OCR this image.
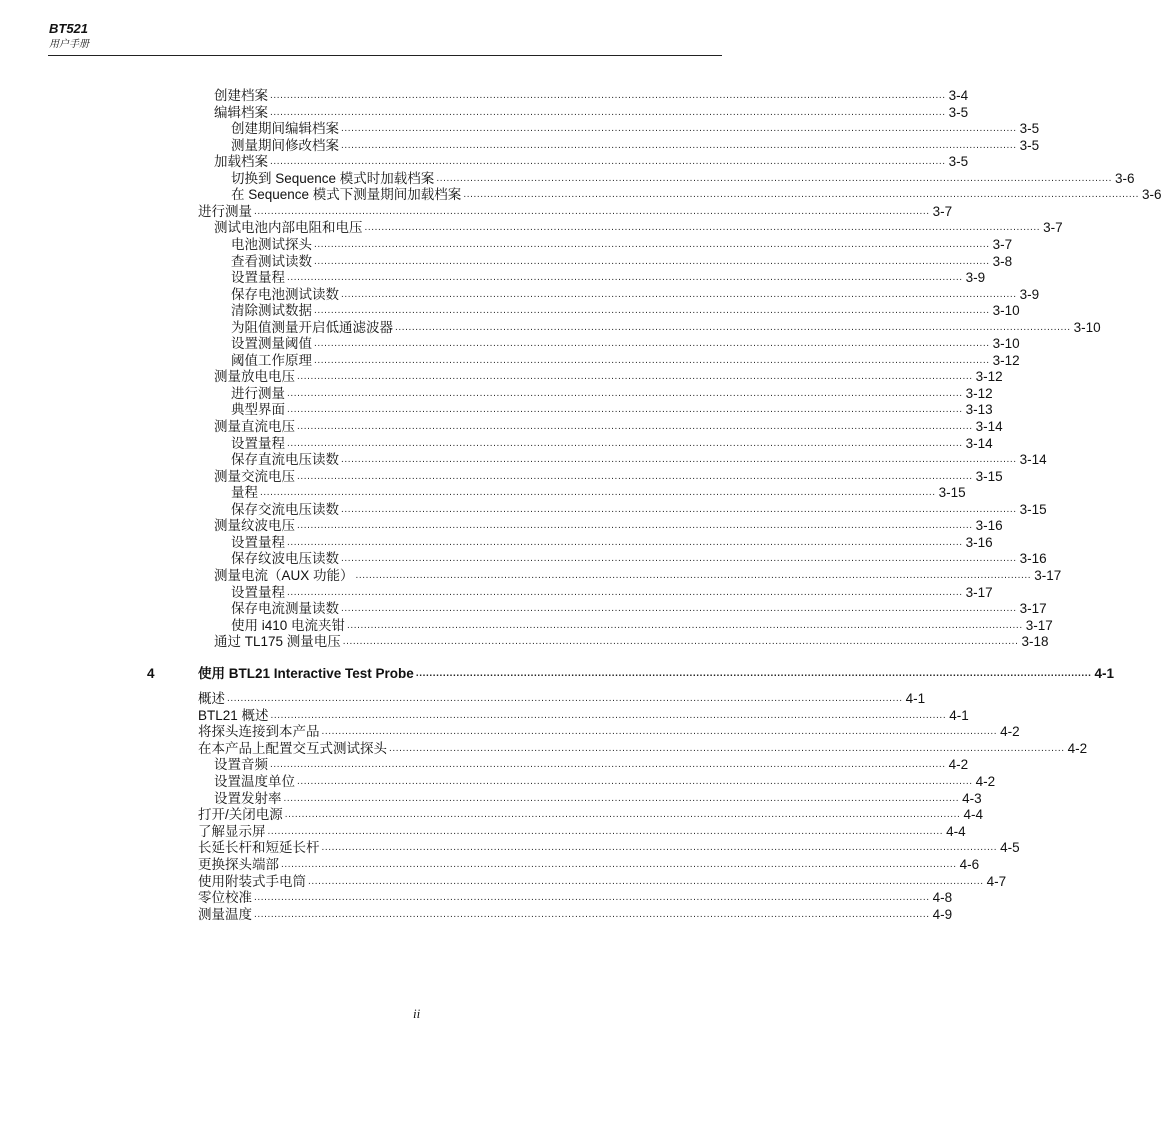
BT521
用户手册
创建档案 ........................................................................................................................................................................................................ 3-4
编辑档案 ........................................................................................................................................................................................................ 3-5
创建期间编辑档案 ........................................................................................................................................................................................................ 3-5
测量期间修改档案 ........................................................................................................................................................................................................ 3-5
加载档案 ........................................................................................................................................................................................................ 3-5
切换到 Sequence 模式时加载档案 ........................................................................................................................................................................................................ 3-6
在 Sequence 模式下测量期间加载档案 ........................................................................................................................................................................................................ 3-6
进行测量 ........................................................................................................................................................................................................ 3-7
测试电池内部电阻和电压 ........................................................................................................................................................................................................ 3-7
电池测试探头 ........................................................................................................................................................................................................ 3-7
查看测试读数 ........................................................................................................................................................................................................ 3-8
设置量程 ........................................................................................................................................................................................................ 3-9
保存电池测试读数 ........................................................................................................................................................................................................ 3-9
清除测试数据 ........................................................................................................................................................................................................ 3-10
为阻值测量开启低通滤波器 ........................................................................................................................................................................................................ 3-10
设置测量阈值 ........................................................................................................................................................................................................ 3-10
阈值工作原理 ........................................................................................................................................................................................................ 3-12
测量放电电压 ........................................................................................................................................................................................................ 3-12
进行测量 ........................................................................................................................................................................................................ 3-12
典型界面 ........................................................................................................................................................................................................ 3-13
测量直流电压 ........................................................................................................................................................................................................ 3-14
设置量程 ........................................................................................................................................................................................................ 3-14
保存直流电压读数 ........................................................................................................................................................................................................ 3-14
测量交流电压 ........................................................................................................................................................................................................ 3-15
量程 ........................................................................................................................................................................................................ 3-15
保存交流电压读数 ........................................................................................................................................................................................................ 3-15
测量纹波电压 ........................................................................................................................................................................................................ 3-16
设置量程 ........................................................................................................................................................................................................ 3-16
保存纹波电压读数 ........................................................................................................................................................................................................ 3-16
测量电流（AUX 功能） ........................................................................................................................................................................................................ 3-17
设置量程 ........................................................................................................................................................................................................ 3-17
保存电流测量读数 ........................................................................................................................................................................................................ 3-17
使用 i410 电流夹钳 ........................................................................................................................................................................................................ 3-17
通过 TL175 测量电压 ........................................................................................................................................................................................................ 3-18
4	使用 BTL21 Interactive Test Probe ........................................................................................................................................................................................................ 4-1
概述 ........................................................................................................................................................................................................ 4-1
BTL21 概述 ........................................................................................................................................................................................................ 4-1
将探头连接到本产品 ........................................................................................................................................................................................................ 4-2
在本产品上配置交互式测试探头 ........................................................................................................................................................................................................ 4-2
设置音频 ........................................................................................................................................................................................................ 4-2
设置温度单位 ........................................................................................................................................................................................................ 4-2
设置发射率 ........................................................................................................................................................................................................ 4-3
打开/关闭电源 ........................................................................................................................................................................................................ 4-4
了解显示屏 ........................................................................................................................................................................................................ 4-4
长延长杆和短延长杆 ........................................................................................................................................................................................................ 4-5
更换探头端部 ........................................................................................................................................................................................................ 4-6
使用附装式手电筒 ........................................................................................................................................................................................................ 4-7
零位校准 ........................................................................................................................................................................................................ 4-8
测量温度 ........................................................................................................................................................................................................ 4-9
ii
